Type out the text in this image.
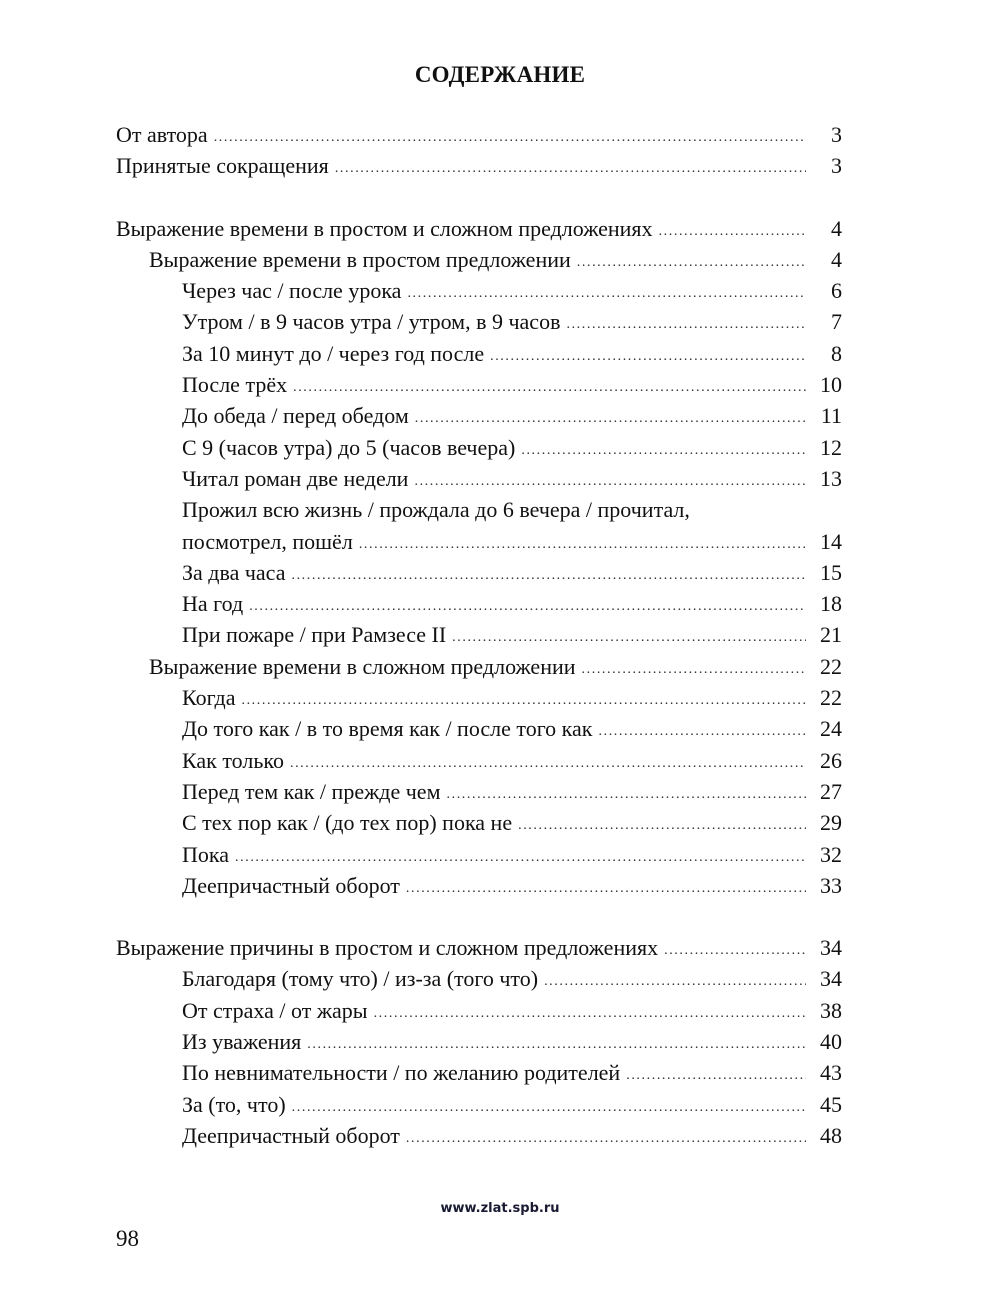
СОДЕРЖАНИЕ
От автора .....	3
Принятые сокращения .....	3
Выражение времени в простом и сложном предложениях .....	4
Выражение времени в простом предложении .....	4
Через час / после урока .....	6
Утром / в 9 часов утра / утром, в 9 часов .....	7
За 10 минут до / через год после .....	8
После трёх .....	10
До обеда / перед обедом .....	11
С 9 (часов утра) до 5 (часов вечера) .....	12
Читал роман две недели .....	13
Прожил всю жизнь / прождала до 6 вечера / прочитал,
посмотрел, пошёл .....	14
За два часа .....	15
На год .....	18
При пожаре / при Рамзесе II .....	21
Выражение времени в сложном предложении .....	22
Когда .....	22
До того как / в то время как / после того как .....	24
Как только .....	26
Перед тем как / прежде чем .....	27
С тех пор как / (до тех пор) пока не .....	29
Пока .....	32
Деепричастный оборот .....	33
Выражение причины в простом и сложном предложениях .....	34
Благодаря (тому что) / из-за (того что) .....	34
От страха / от жары .....	38
Из уважения .....	40
По невнимательности / по желанию родителей .....	43
За (то, что) .....	45
Деепричастный оборот .....	48
www.zlat.spb.ru
98
